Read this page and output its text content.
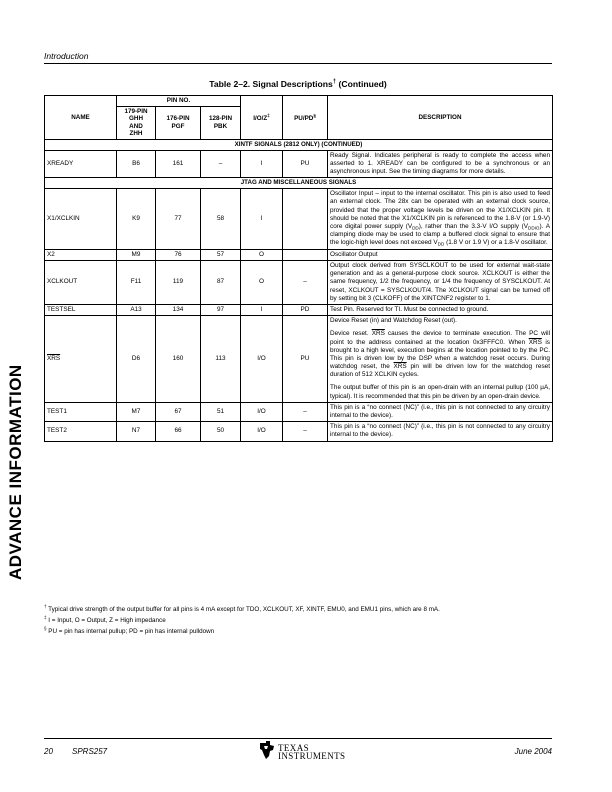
Introduction
ADVANCE INFORMATION
Table 2–2. Signal Descriptions† (Continued)
NAME	PIN NO.			I/O/Z‡	PU/PD§	DESCRIPTION
	179-PIN
GHH
AND
ZHH	176-PIN
PGF	128-PIN
PBK			
XINTF SIGNALS (2812 ONLY) (CONTINUED)						
XREADY	B6	161	–	I	PU	Ready Signal. Indicates peripheral is ready to complete the access when asserted to 1. XREADY can be configured to be a synchronous or an asynchronous input. See the timing diagrams for more details.
JTAG AND MISCELLANEOUS SIGNALS						
X1/XCLKIN	K9	77	58	I		Oscillator Input – input to the internal oscillator. This pin is also used to feed an external clock. The 28x can be operated with an external clock source, provided that the proper voltage levels be driven on the X1/XCLKIN pin. It should be noted that the X1/XCLKIN pin is referenced to the 1.8-V (or 1.9-V) core digital power supply $(V_{DD})$, rather than the 3.3-V I/O supply $(V_{DDIO})$. A clamping diode may be used to clamp a buffered clock signal to ensure that the logic-high level does not exceed $V_{DD}$ (1.8 V or 1.9 V) or a 1.8-V oscillator.
X2	M9	76	57	O		Oscillator Output
XCLKOUT	F11	119	87	O	–	Output clock derived from SYSCLKOUT to be used for external wait-state generation and as a general-purpose clock source. XCLKOUT is either the same frequency, 1/2 the frequency, or 1/4 the frequency of SYSCLKOUT. At reset, XCLKOUT = SYSCLKOUT/4. The XCLKOUT signal can be turned off by setting bit 3 (CLKOFF) of the XINTCNF2 register to 1.
TESTSEL	A13	134	97	I	PD	Test Pin. Reserved for TI. Must be connected to ground.
$\overline{XRS}$	D6	160	113	I/O	PU	Device Reset (in) and Watchdog Reset (out).
Device reset. $\overline{XRS}$ causes the device to terminate execution. The PC will point to the address contained at the location 0x3FFFC0. When $\overline{XRS}$ is brought to a high level, execution begins at the location pointed to by the PC. This pin is driven low by the DSP when a watchdog reset occurs. During watchdog reset, the $\overline{XRS}$ pin will be driven low for the watchdog reset duration of 512 XCLKIN cycles.
The output buffer of this pin is an open-drain with an internal pullup (100 µA, typical). It is recommended that this pin be driven by an open-drain device.

TEST1	M7	67	51	I/O	–	This pin is a “no connect (NC)” (i.e., this pin is not connected to any circuitry internal to the device).
TEST2	N7	66	50	I/O	–	This pin is a “no connect (NC)” (i.e., this pin is not connected to any circuitry internal to the device).
† Typical drive strength of the output buffer for all pins is 4 mA except for TDO, XCLKOUT, XF, XINTF, EMU0, and EMU1 pins, which are 8 mA.
‡ I = Input, O = Output, Z = High impedance
§ PU = pin has internal pullup; PD = pin has internal pulldown
20 SPRS257	TEXAS
INSTRUMENTS	June 2004
